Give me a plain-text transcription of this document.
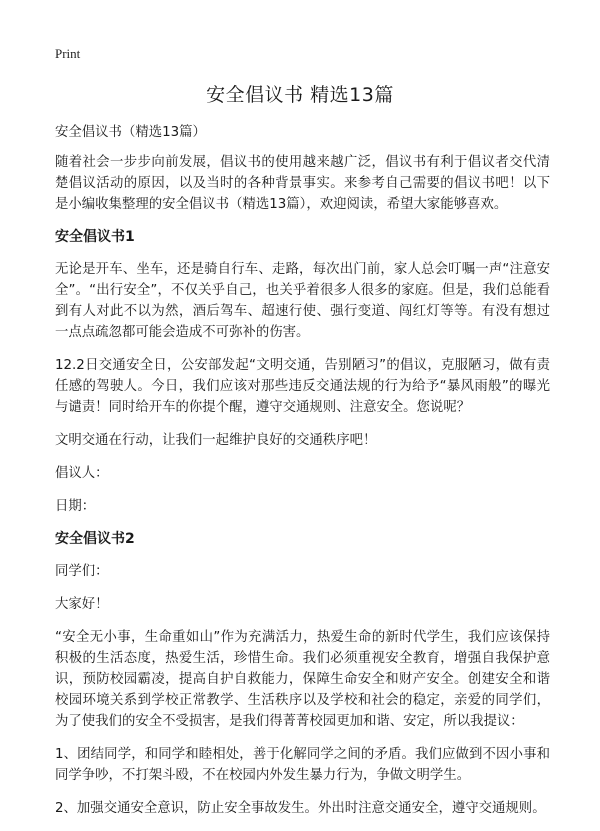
Print
安全倡议书 精选13篇

安全倡议书（精选13篇）

随着社会一步步向前发展，倡议书的使用越来越广泛，倡议书有利于倡议者交代清楚倡议活动的原因，以及当时的各种背景事实。来参考自己需要的倡议书吧！以下是小编收集整理的安全倡议书（精选13篇），欢迎阅读，希望大家能够喜欢。

安全倡议书1

无论是开车、坐车，还是骑自行车、走路，每次出门前，家人总会叮嘱一声“注意安全”。“出行安全”，不仅关乎自己，也关乎着很多人很多的家庭。但是，我们总能看到有人对此不以为然，酒后驾车、超速行使、强行变道、闯红灯等等。有没有想过一点点疏忽都可能会造成不可弥补的伤害。

12.2日交通安全日，公安部发起“文明交通，告别陋习”的倡议，克服陋习，做有责任感的驾驶人。今日，我们应该对那些违反交通法规的行为给予“暴风雨般”的曝光与谴责！同时给开车的你提个醒，遵守交通规则、注意安全。您说呢？

文明交通在行动，让我们一起维护良好的交通秩序吧！

倡议人：

日期：

安全倡议书2

同学们：

大家好！

“安全无小事，生命重如山”作为充满活力，热爱生命的新时代学生，我们应该保持积极的生活态度，热爱生活，珍惜生命。我们必须重视安全教育，增强自我保护意识，预防校园霸凌，提高自护自救能力，保障生命安全和财产安全。创建安全和谐校园环境关系到学校正常教学、生活秩序以及学校和社会的稳定，亲爱的同学们，为了使我们的安全不受损害，是我们得菁菁校园更加和谐、安定，所以我提议：

1、团结同学，和同学和睦相处，善于化解同学之间的矛盾。我们应做到不因小事和同学争吵，不打架斗殴，不在校园内外发生暴力行为，争做文明学生。

2、加强交通安全意识，防止安全事故发生。外出时注意交通安全，遵守交通规则。
